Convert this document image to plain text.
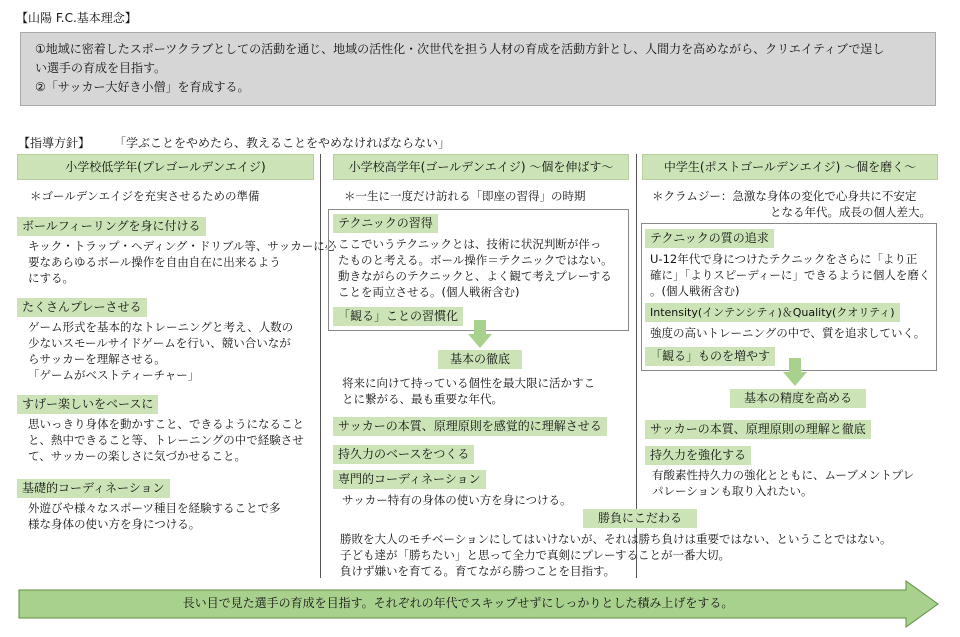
【山陽 F.C.基本理念】
①地域に密着したスポーツクラブとしての活動を通じ、地域の活性化・次世代を担う人材の育成を活動方針とし、人間力を高めながら、クリエイティブで逞し
い選手の育成を目指す。
②「サッカー大好き小僧」を育成する。
【指導方針】 「学ぶことをやめたら、教えることをやめなければならない」
小学校低学年(プレゴールデンエイジ)	小学校高学年(ゴールデンエイジ) ～個を伸ばす～	中学生(ポストゴールデンエイジ) ～個を磨く～
＊ゴールデンエイジを充実させるための準備
ボールフィーリングを身に付ける
キック・トラップ・ヘディング・ドリブル等、サッカーに必
要なあらゆるボール操作を自由自在に出来るよう
にする。
たくさんプレーさせる
ゲーム形式を基本的なトレーニングと考え、人数の
少ないスモールサイドゲームを行い、競い合いなが
らサッカーを理解させる。
「ゲームがベストティーチャー」
すげー楽しいをベースに
思いっきり身体を動かすこと、できるようになること
と、熱中できること等、トレーニングの中で経験させ
て、サッカーの楽しさに気づかせること。
基礎的コーディネーション
外遊びや様々なスポーツ種目を経験することで多
様な身体の使い方を身につける。
＊一生に一度だけ訪れる「即座の習得」の時期
テクニックの習得
ここでいうテクニックとは、技術に状況判断が伴っ
たものと考える。ボール操作＝テクニックではない。
動きながらのテクニックと、よく観て考えプレーする
ことを両立させる。(個人戦術含む)
「観る」ことの習慣化
基本の徹底
将来に向けて持っている個性を最大限に活かすこ
とに繋がる、最も重要な年代。
サッカーの本質、原理原則を感覚的に理解させる
持久力のベースをつくる
専門的コーディネーション
サッカー特有の身体の使い方を身につける。
＊クラムジー：急激な身体の変化で心身共に不安定
となる年代。成長の個人差大。
テクニックの質の追求
U-12年代で身につけたテクニックをさらに「より正
確に」「よりスピーディーに」できるように個人を磨く
。(個人戦術含む)
Intensity(インテンシティ)＆Quality(クオリティ)
強度の高いトレーニングの中で、質を追求していく。
「観る」ものを増やす
基本の精度を高める
サッカーの本質、原理原則の理解と徹底
持久力を強化する
有酸素性持久力の強化とともに、ムーブメントプレ
パレーションも取り入れたい。
勝負にこだわる
勝敗を大人のモチベーションにしてはいけないが、それは勝ち負けは重要ではない、ということではない。
子ども達が「勝ちたい」と思って全力で真剣にプレーすることが一番大切。
負けず嫌いを育てる。育てながら勝つことを目指す。
長い目で見た選手の育成を目指す。それぞれの年代でスキップせずにしっかりとした積み上げをする。
